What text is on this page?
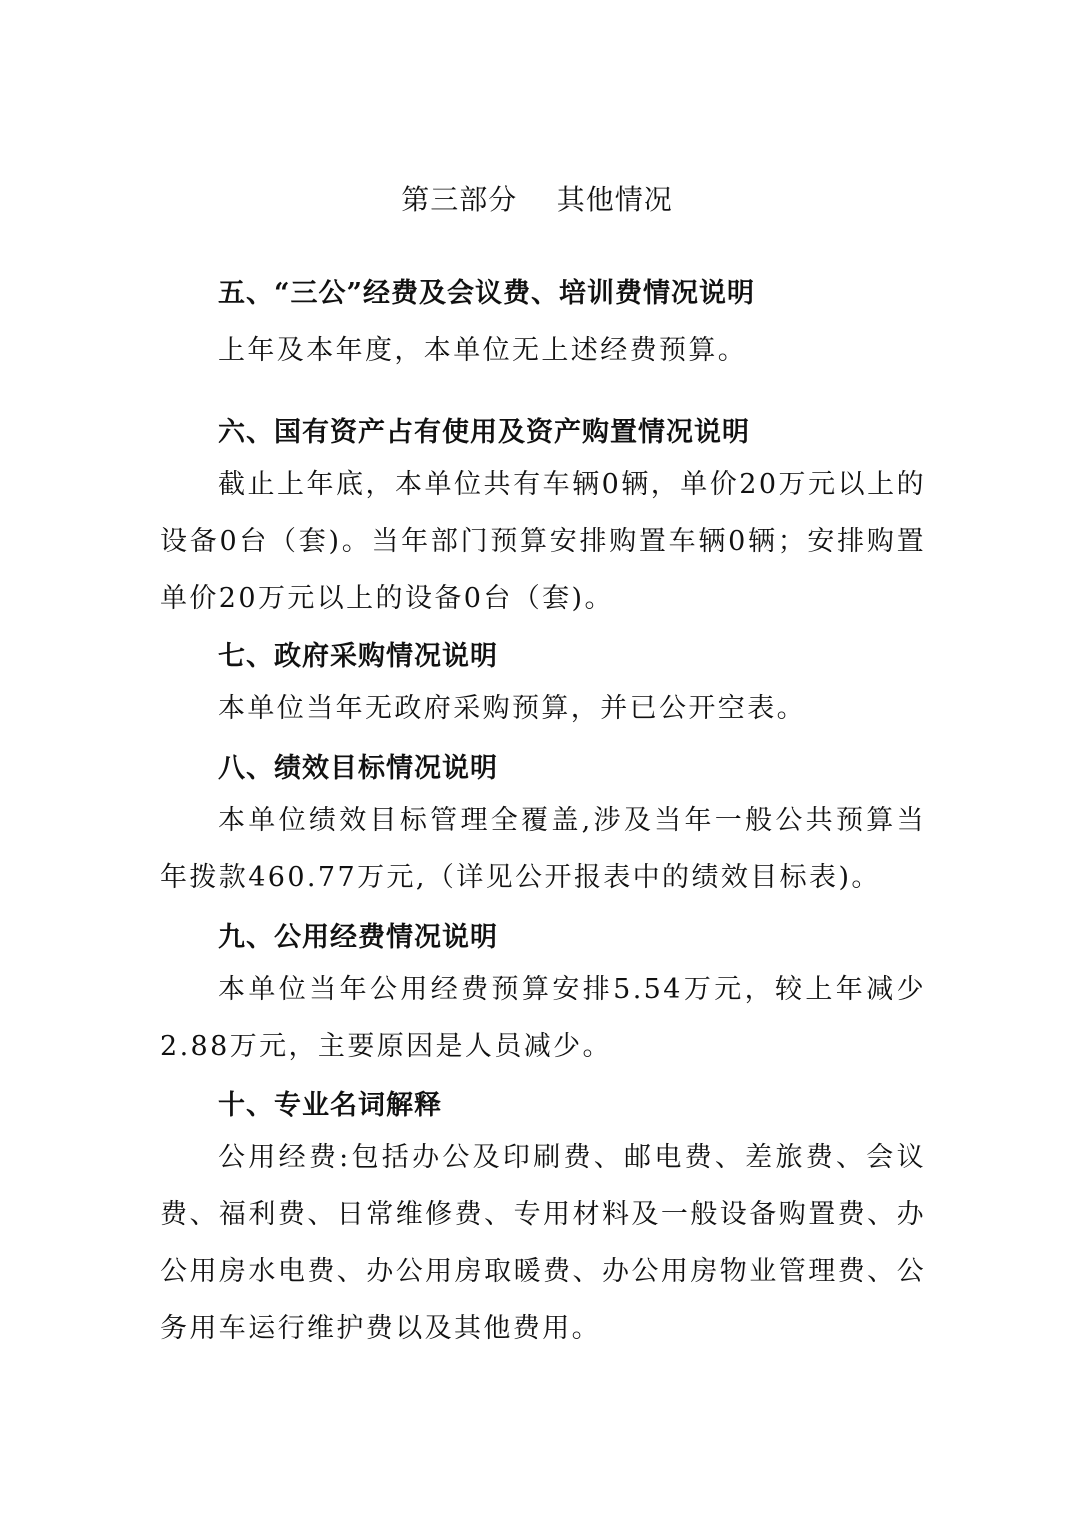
第三部分    其他情况
五、“三公”经费及会议费、培训费情况说明
上年及本年度，本单位无上述经费预算。
六、国有资产占有使用及资产购置情况说明
截止上年底，本单位共有车辆0辆，单价20万元以上的设备0台（套)。当年部门预算安排购置车辆0辆；安排购置单价20万元以上的设备0台（套)。
七、政府采购情况说明
本单位当年无政府采购预算，并已公开空表。
八、绩效目标情况说明
本单位绩效目标管理全覆盖,涉及当年一般公共预算当年拨款460.77万元,（详见公开报表中的绩效目标表)。
九、公用经费情况说明
本单位当年公用经费预算安排5.54万元，较上年减少2.88万元，主要原因是人员减少。
十、专业名词解释
公用经费:包括办公及印刷费、邮电费、差旅费、会议费、福利费、日常维修费、专用材料及一般设备购置费、办公用房水电费、办公用房取暖费、办公用房物业管理费、公务用车运行维护费以及其他费用。
